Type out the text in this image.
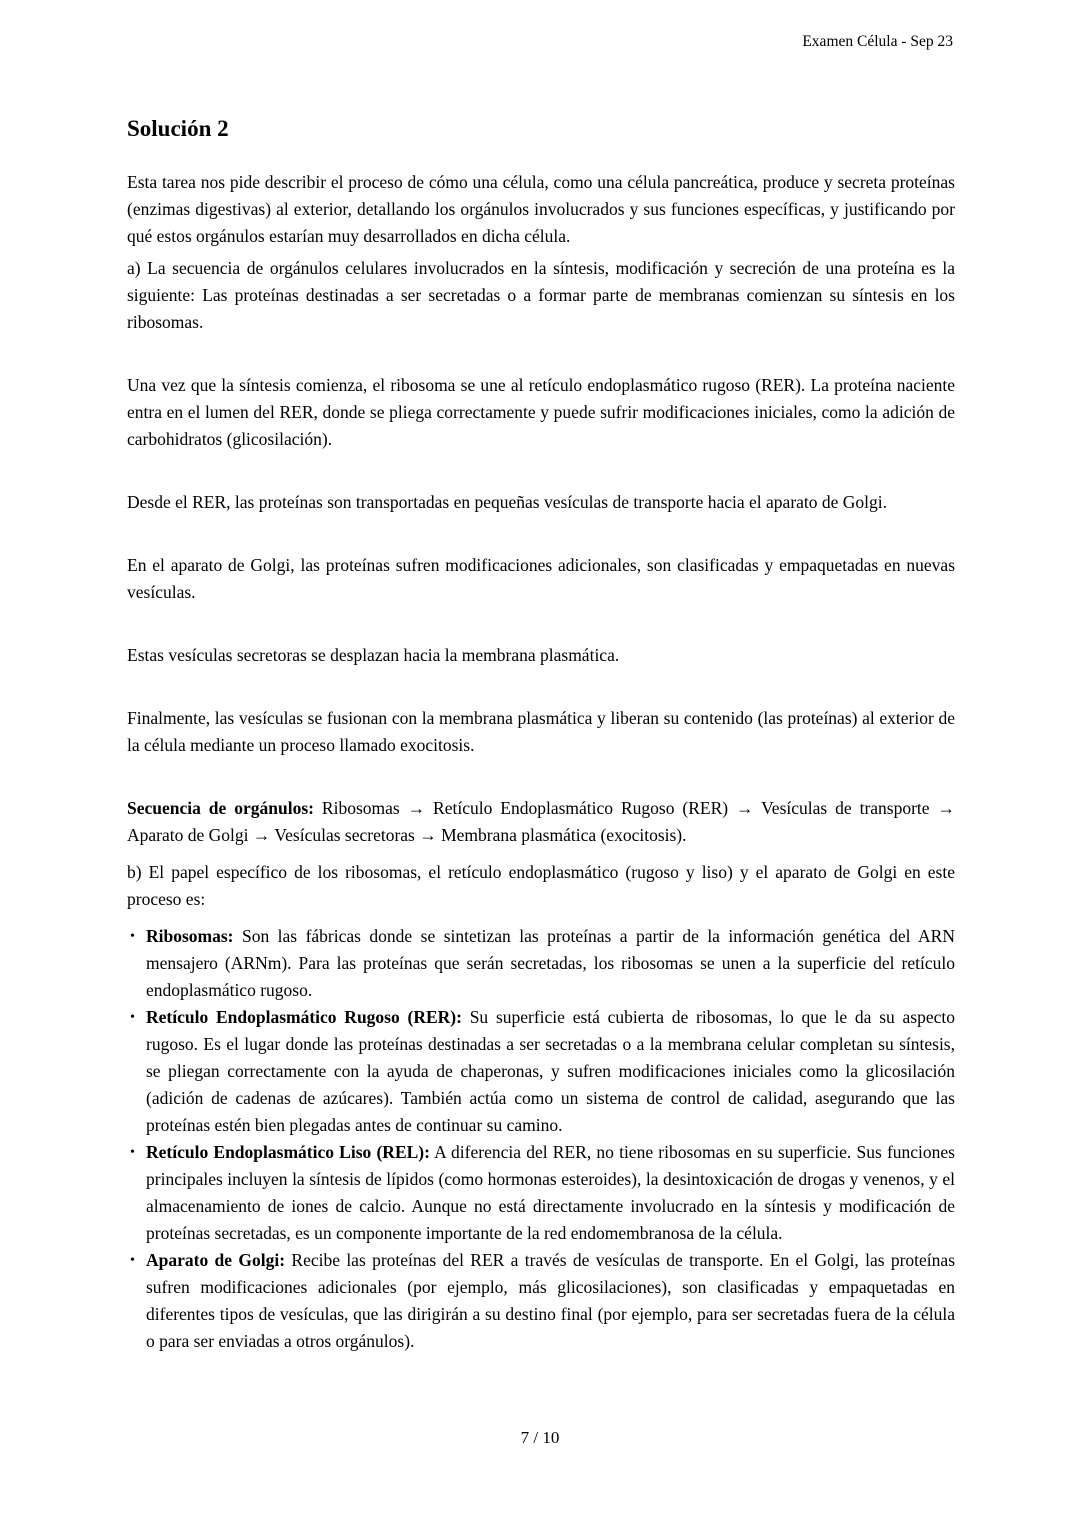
Examen Célula - Sep 23
Solución 2

Esta tarea nos pide describir el proceso de cómo una célula, como una célula pancreática, produce y secreta proteínas (enzimas digestivas) al exterior, detallando los orgánulos involucrados y sus funciones específicas, y justificando por qué estos orgánulos estarían muy desarrollados en dicha célula.

a) La secuencia de orgánulos celulares involucrados en la síntesis, modificación y secreción de una proteína es la siguiente: Las proteínas destinadas a ser secretadas o a formar parte de membranas comienzan su síntesis en los ribosomas.

Una vez que la síntesis comienza, el ribosoma se une al retículo endoplasmático rugoso (RER). La proteína naciente entra en el lumen del RER, donde se pliega correctamente y puede sufrir modificaciones iniciales, como la adición de carbohidratos (glicosilación).

Desde el RER, las proteínas son transportadas en pequeñas vesículas de transporte hacia el aparato de Golgi.

En el aparato de Golgi, las proteínas sufren modificaciones adicionales, son clasificadas y empaquetadas en nuevas vesículas.

Estas vesículas secretoras se desplazan hacia la membrana plasmática.

Finalmente, las vesículas se fusionan con la membrana plasmática y liberan su contenido (las proteínas) al exterior de la célula mediante un proceso llamado exocitosis.

Secuencia de orgánulos: Ribosomas → Retículo Endoplasmático Rugoso (RER) → Vesículas de transporte → Aparato de Golgi → Vesículas secretoras → Membrana plasmática (exocitosis).

b) El papel específico de los ribosomas, el retículo endoplasmático (rugoso y liso) y el aparato de Golgi en este proceso es:

• Ribosomas: Son las fábricas donde se sintetizan las proteínas a partir de la información genética del ARN mensajero (ARNm). Para las proteínas que serán secretadas, los ribosomas se unen a la superficie del retículo endoplasmático rugoso.
• Retículo Endoplasmático Rugoso (RER): Su superficie está cubierta de ribosomas, lo que le da su aspecto rugoso. Es el lugar donde las proteínas destinadas a ser secretadas o a la membrana celular completan su síntesis, se pliegan correctamente con la ayuda de chaperonas, y sufren modificaciones iniciales como la glicosilación (adición de cadenas de azúcares). También actúa como un sistema de control de calidad, asegurando que las proteínas estén bien plegadas antes de continuar su camino.
• Retículo Endoplasmático Liso (REL): A diferencia del RER, no tiene ribosomas en su superficie. Sus funciones principales incluyen la síntesis de lípidos (como hormonas esteroides), la desintoxicación de drogas y venenos, y el almacenamiento de iones de calcio. Aunque no está directamente involucrado en la síntesis y modificación de proteínas secretadas, es un componente importante de la red endomembranosa de la célula.
• Aparato de Golgi: Recibe las proteínas del RER a través de vesículas de transporte. En el Golgi, las proteínas sufren modificaciones adicionales (por ejemplo, más glicosilaciones), son clasificadas y empaquetadas en diferentes tipos de vesículas, que las dirigirán a su destino final (por ejemplo, para ser secretadas fuera de la célula o para ser enviadas a otros orgánulos).
7 / 10
